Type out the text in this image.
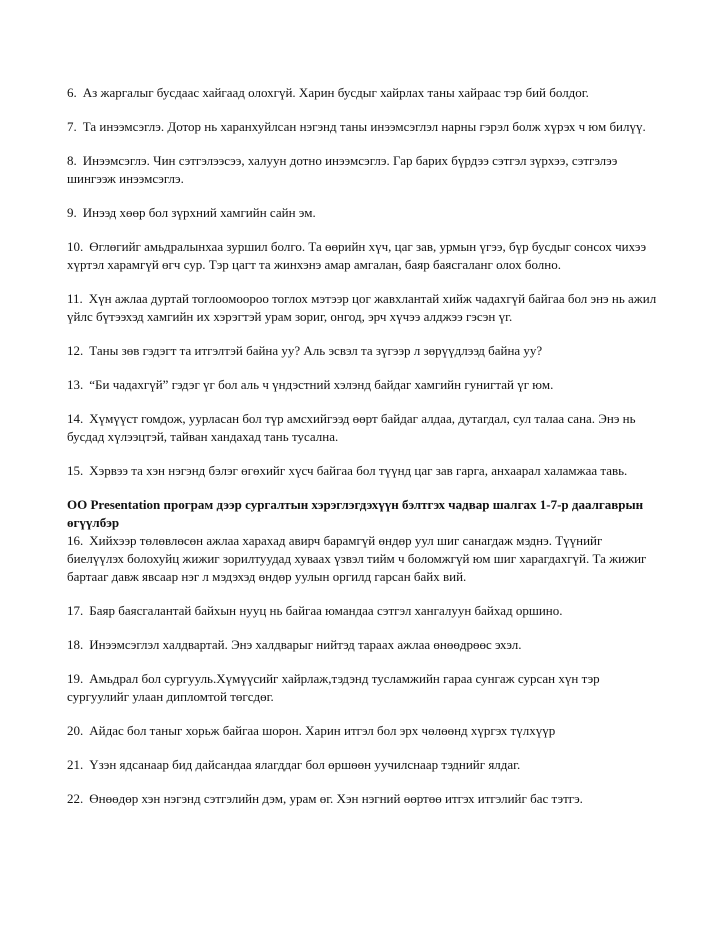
6. Аз жаргалыг бусдаас хайгаад олохгүй. Харин бусдыг хайрлах таны хайраас тэр бий болдог.

7. Та инээмсэглэ. Дотор нь харанхуйлсан нэгэнд таны инээмсэглэл нарны гэрэл болж хүрэх ч юм билүү.

8. Инээмсэглэ. Чин сэтгэлээсээ, халуун дотно инээмсэглэ. Гар барих бүрдээ сэтгэл зүрхээ, сэтгэлээ шингээж инээмсэглэ.

9. Инээд хөөр бол зүрхний хамгийн сайн эм.

10. Өглөгийг амьдралынхаа зуршил болго. Та өөрийн хүч, цаг зав, урмын үгээ, бүр бусдыг сонсох чихээ хүртэл харамгүй өгч сур. Тэр цагт та жинхэнэ амар амгалан, баяр баясгаланг олох болно.

11. Хүн ажлаа дуртай тоглоомоороо тоглох мэтээр цог жавхлантай хийж чадахгүй байгаа бол энэ нь ажил үйлс бүтээхэд хамгийн их хэрэгтэй урам зориг, онгод, эрч хүчээ алджээ гэсэн үг.

12. Таны зөв гэдэгт та итгэлтэй байна уу? Аль эсвэл та зүгээр л зөрүүдлээд байна уу?

13. “Би чадахгүй” гэдэг үг бол аль ч үндэстний хэлэнд байдаг хамгийн гунигтай үг юм.

14. Хүмүүст гомдож, уурласан бол түр амсхийгээд өөрт байдаг алдаа, дутагдал, сул талаа сана. Энэ нь бусдад хүлээцтэй, тайван хандахад тань тусална.

15. Хэрвээ та хэн нэгэнд бэлэг өгөхийг хүсч байгаа бол түүнд цаг зав гарга, анхаарал халамжаа тавь.

OO Presentation програм дээр сургалтын хэрэглэгдэхүүн бэлтгэх чадвар шалгах 1-7-р даалгаврын өгүүлбэр

16. Хийхээр төлөвлөсөн ажлаа харахад авирч барамгүй өндөр уул шиг санагдаж мэднэ. Түүнийг биелүүлэх болохуйц жижиг зорилтуудад хуваах үзвэл тийм ч боломжгүй юм шиг харагдахгүй. Та жижиг бартааг давж явсаар нэг л мэдэхэд өндөр уулын оргилд гарсан байх вий.

17. Баяр баясгалантай байхын нууц нь байгаа юмандаа сэтгэл хангалуун байхад оршино.

18. Инээмсэглэл халдвартай. Энэ халдварыг нийтэд тараах ажлаа өнөөдрөөс эхэл.

19. Амьдрал бол сургууль.Хүмүүсийг хайрлаж,тэдэнд тусламжийн гараа сунгаж сурсан хүн тэр сургуулийг улаан дипломтой төгсдөг.

20. Айдас бол таныг хорьж байгаа шорон. Харин итгэл бол эрх чөлөөнд хүргэх түлхүүр

21. Үзэн ядсанаар бид дайсандаа ялагддаг бол өршөөн уучилснаар тэднийг ялдаг.

22. Өнөөдөр хэн нэгэнд сэтгэлийн дэм, урам өг. Хэн нэгний өөртөө итгэх итгэлийг бас тэтгэ.
